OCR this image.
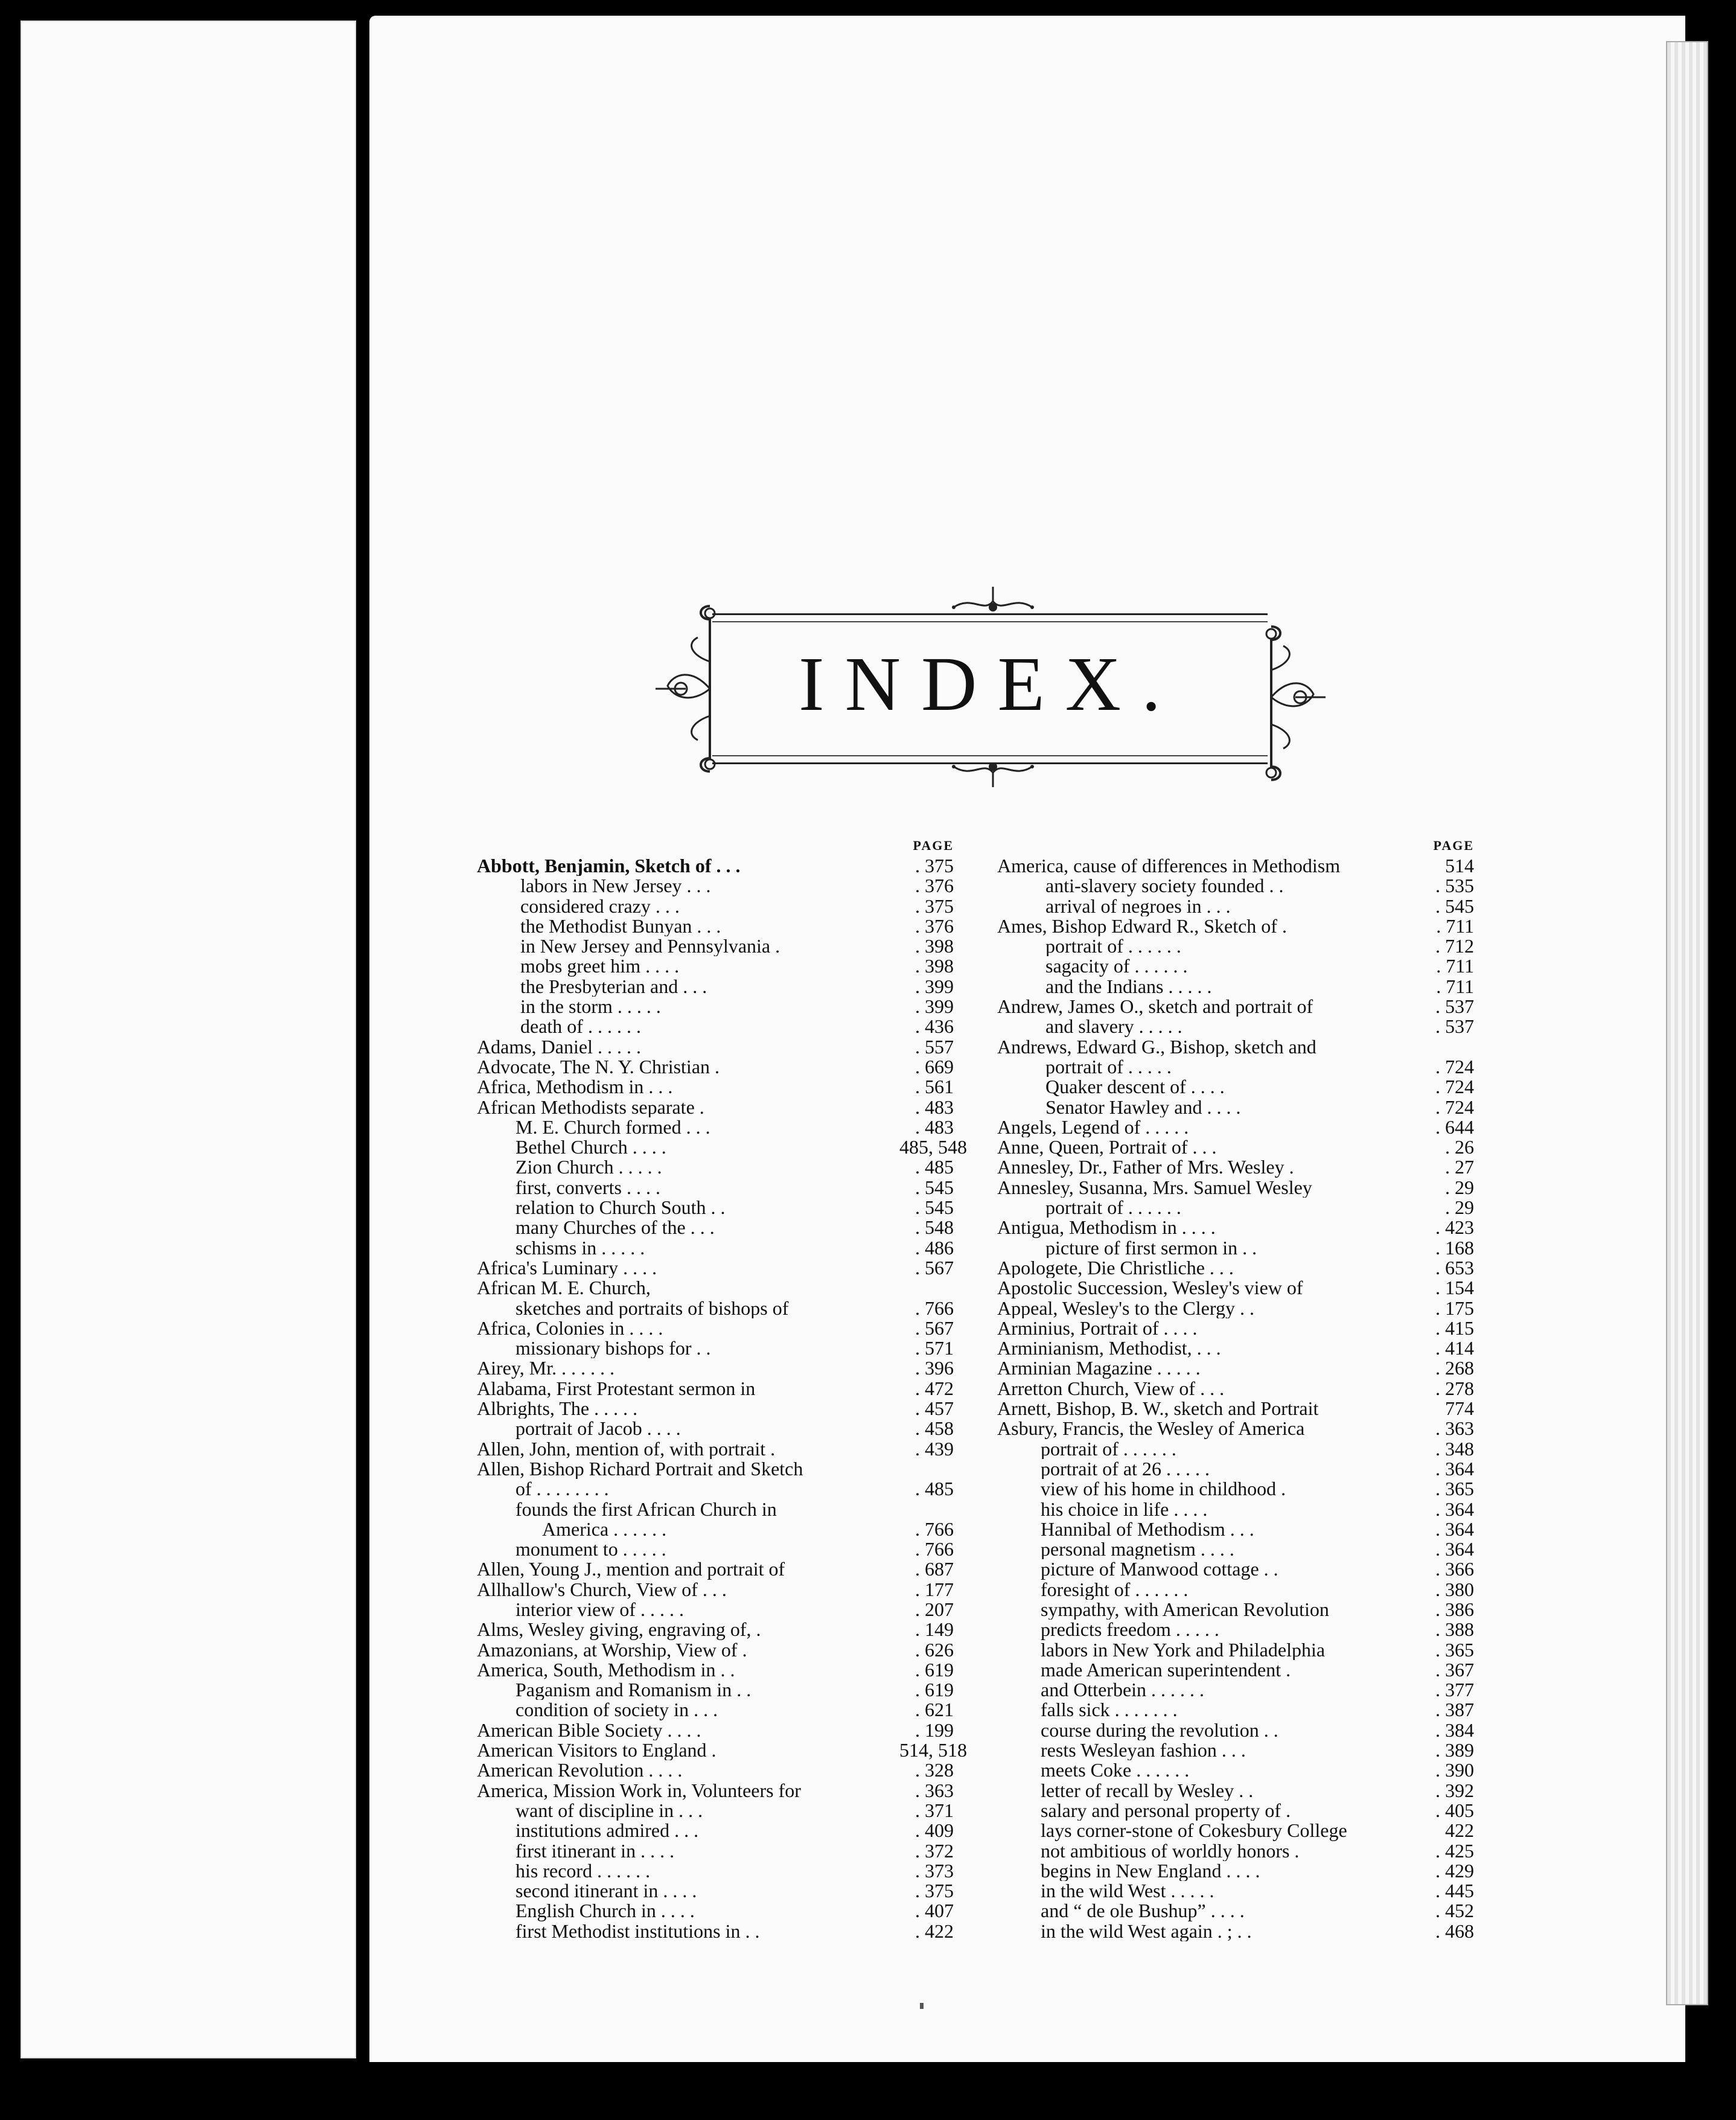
INDEX.
PAGE
Abbott, Benjamin, Sketch of . . .	. 375
labors in New Jersey . . .	. 376
considered crazy . . .	. 375
the Methodist Bunyan . . .	. 376
in New Jersey and Pennsylvania .	. 398
mobs greet him . . . .	. 398
the Presbyterian and . . .	. 399
in the storm . . . . .	. 399
death of . . . . . .	. 436
Adams, Daniel . . . . .	. 557
Advocate, The N. Y. Christian .	. 669
Africa, Methodism in . . .	. 561
African Methodists separate .	. 483
M. E. Church formed . . .	. 483
Bethel Church . . . .	485, 548
Zion Church . . . . .	. 485
first, converts . . . .	. 545
relation to Church South . .	. 545
many Churches of the . . .	. 548
schisms in . . . . .	. 486
Africa's Luminary . . . .	. 567
African M. E. Church,
sketches and portraits of bishops of	. 766
Africa, Colonies in . . . .	. 567
missionary bishops for . .	. 571
Airey, Mr. . . . . . .	. 396
Alabama, First Protestant sermon in	. 472
Albrights, The . . . . .	. 457
portrait of Jacob . . . .	. 458
Allen, John, mention of, with portrait .	. 439
Allen, Bishop Richard Portrait and Sketch
of . . . . . . . .	. 485
founds the first African Church in
America . . . . . .	. 766
monument to . . . . .	. 766
Allen, Young J., mention and portrait of	. 687
Allhallow's Church, View of . . .	. 177
interior view of . . . . .	. 207
Alms, Wesley giving, engraving of, .	. 149
Amazonians, at Worship, View of .	. 626
America, South, Methodism in . .	. 619
Paganism and Romanism in . .	. 619
condition of society in . . .	. 621
American Bible Society . . . .	. 199
American Visitors to England .	514, 518
American Revolution . . . .	. 328
America, Mission Work in, Volunteers for	. 363
want of discipline in . . .	. 371
institutions admired . . .	. 409
first itinerant in . . . .	. 372
his record . . . . . .	. 373
second itinerant in . . . .	. 375
English Church in . . . .	. 407
first Methodist institutions in . .	. 422
PAGE
America, cause of differences in Methodism	514
anti-slavery society founded . .	. 535
arrival of negroes in . . .	. 545
Ames, Bishop Edward R., Sketch of .	. 711
portrait of . . . . . .	. 712
sagacity of . . . . . .	. 711
and the Indians . . . . .	. 711
Andrew, James O., sketch and portrait of	. 537
and slavery . . . . .	. 537
Andrews, Edward G., Bishop, sketch and
portrait of . . . . .	. 724
Quaker descent of . . . .	. 724
Senator Hawley and . . . .	. 724
Angels, Legend of . . . . .	. 644
Anne, Queen, Portrait of . . .	. 26
Annesley, Dr., Father of Mrs. Wesley .	. 27
Annesley, Susanna, Mrs. Samuel Wesley	. 29
portrait of . . . . . .	. 29
Antigua, Methodism in . . . .	. 423
picture of first sermon in . .	. 168
Apologete, Die Christliche . . .	. 653
Apostolic Succession, Wesley's view of	. 154
Appeal, Wesley's to the Clergy . .	. 175
Arminius, Portrait of . . . .	. 415
Arminianism, Methodist, . . .	. 414
Arminian Magazine . . . . .	. 268
Arretton Church, View of . . .	. 278
Arnett, Bishop, B. W., sketch and Portrait	774
Asbury, Francis, the Wesley of America	. 363
portrait of . . . . . .	. 348
portrait of at 26 . . . . .	. 364
view of his home in childhood .	. 365
his choice in life . . . .	. 364
Hannibal of Methodism . . .	. 364
personal magnetism . . . .	. 364
picture of Manwood cottage . .	. 366
foresight of . . . . . .	. 380
sympathy, with American Revolution	. 386
predicts freedom . . . . .	. 388
labors in New York and Philadelphia	. 365
made American superintendent .	. 367
and Otterbein . . . . . .	. 377
falls sick . . . . . . .	. 387
course during the revolution . .	. 384
rests Wesleyan fashion . . .	. 389
meets Coke . . . . . .	. 390
letter of recall by Wesley . .	. 392
salary and personal property of .	. 405
lays corner-stone of Cokesbury College	422
not ambitious of worldly honors .	. 425
begins in New England . . . .	. 429
in the wild West . . . . .	. 445
and “ de ole Bushup” . . . .	. 452
in the wild West again . ; . .	. 468
